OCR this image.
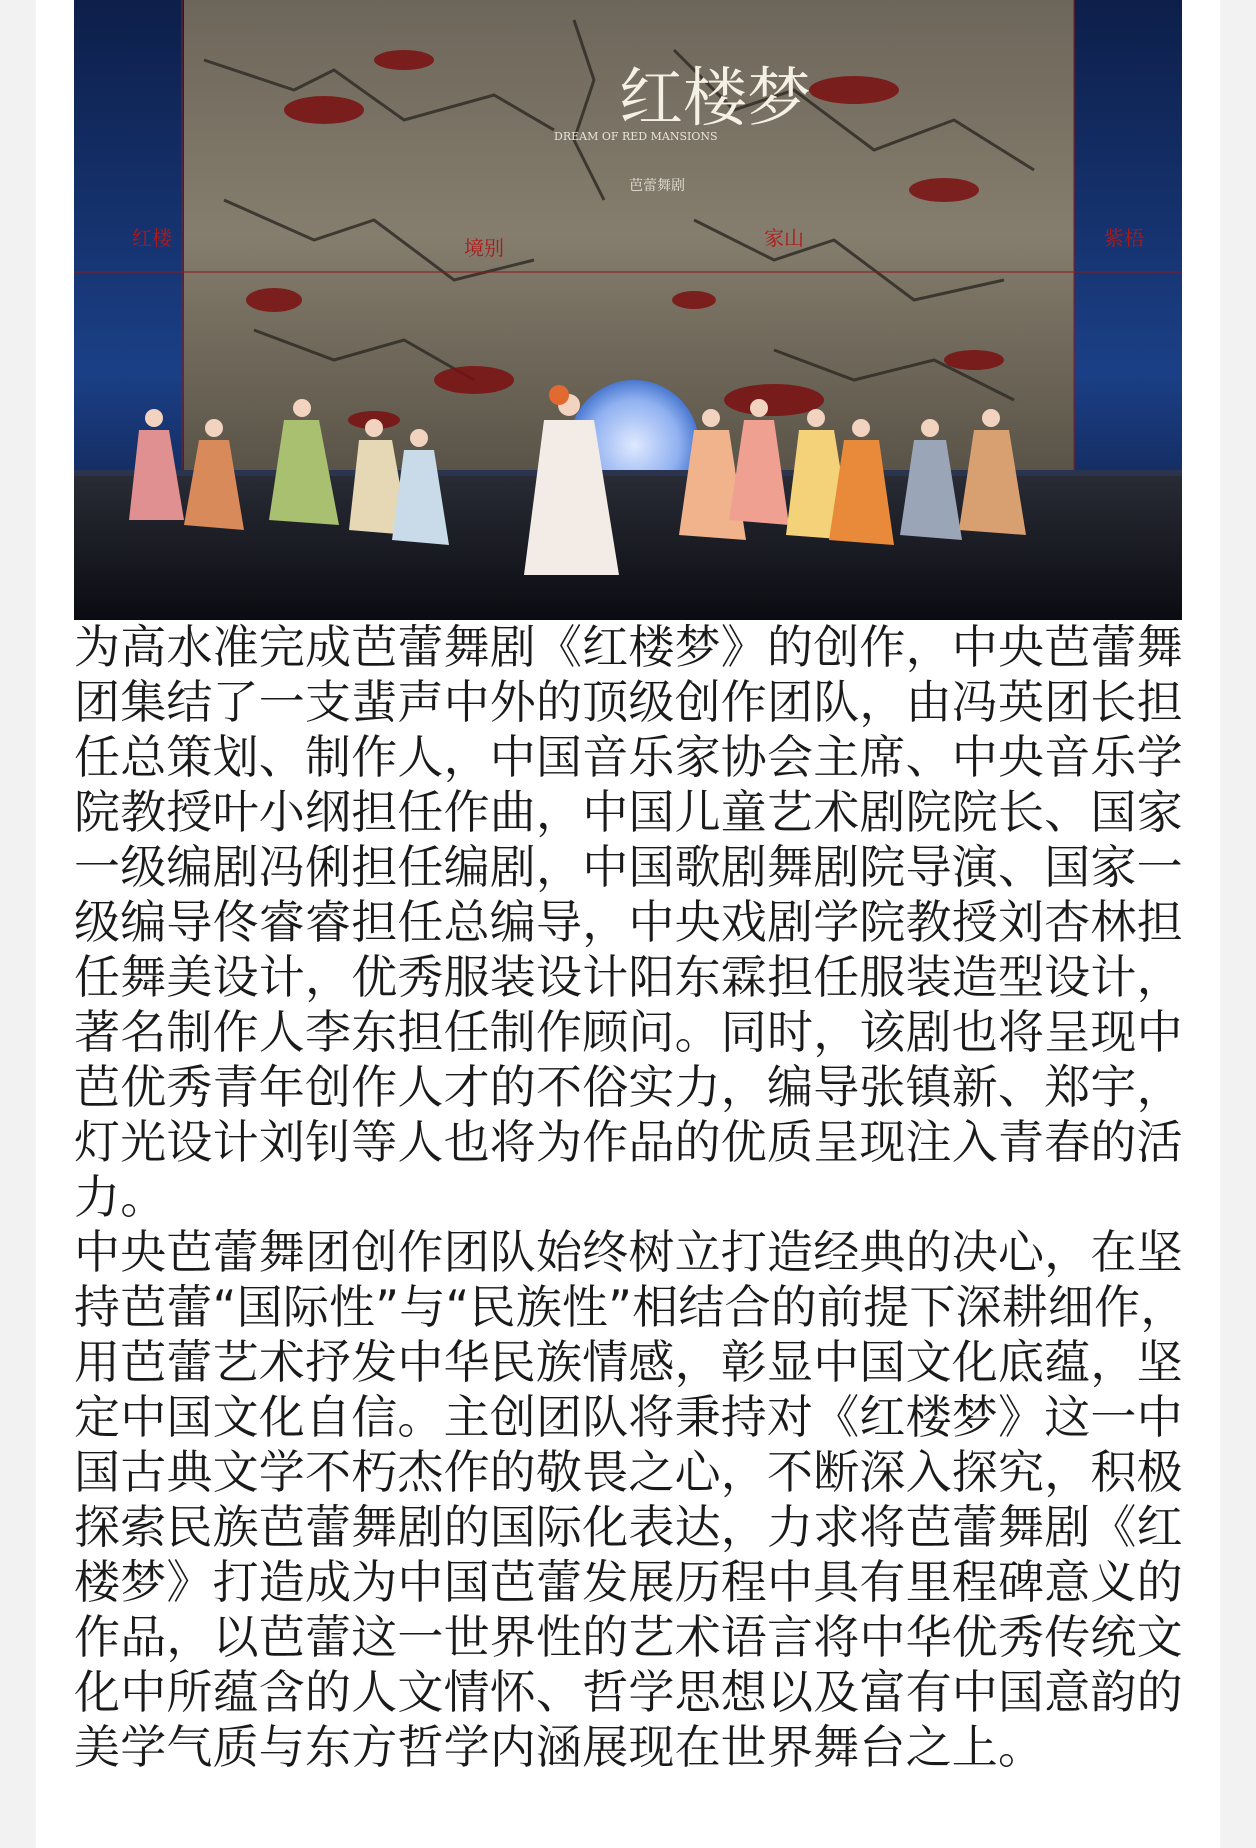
红楼梦
DREAM OF RED MANSIONS
芭蕾舞剧
红楼	境别	家山	紫梧

为高水准完成芭蕾舞剧《红楼梦》的创作，中央芭蕾舞团集结了一支蜚声中外的顶级创作团队，由冯英团长担任总策划、制作人，中国音乐家协会主席、中央音乐学院教授叶小纲担任作曲，中国儿童艺术剧院院长、国家一级编剧冯俐担任编剧，中国歌剧舞剧院导演、国家一级编导佟睿睿担任总编导，中央戏剧学院教授刘杏林担任舞美设计，优秀服装设计阳东霖担任服装造型设计，著名制作人李东担任制作顾问。同时，该剧也将呈现中芭优秀青年创作人才的不俗实力，编导张镇新、郑宇，灯光设计刘钊等人也将为作品的优质呈现注入青春的活力。

中央芭蕾舞团创作团队始终树立打造经典的决心，在坚持芭蕾“国际性”与“民族性”相结合的前提下深耕细作，用芭蕾艺术抒发中华民族情感，彰显中国文化底蕴，坚定中国文化自信。主创团队将秉持对《红楼梦》这一中国古典文学不朽杰作的敬畏之心，不断深入探究，积极探索民族芭蕾舞剧的国际化表达，力求将芭蕾舞剧《红楼梦》打造成为中国芭蕾发展历程中具有里程碑意义的作品，以芭蕾这一世界性的艺术语言将中华优秀传统文化中所蕴含的人文情怀、哲学思想以及富有中国意韵的美学气质与东方哲学内涵展现在世界舞台之上。
